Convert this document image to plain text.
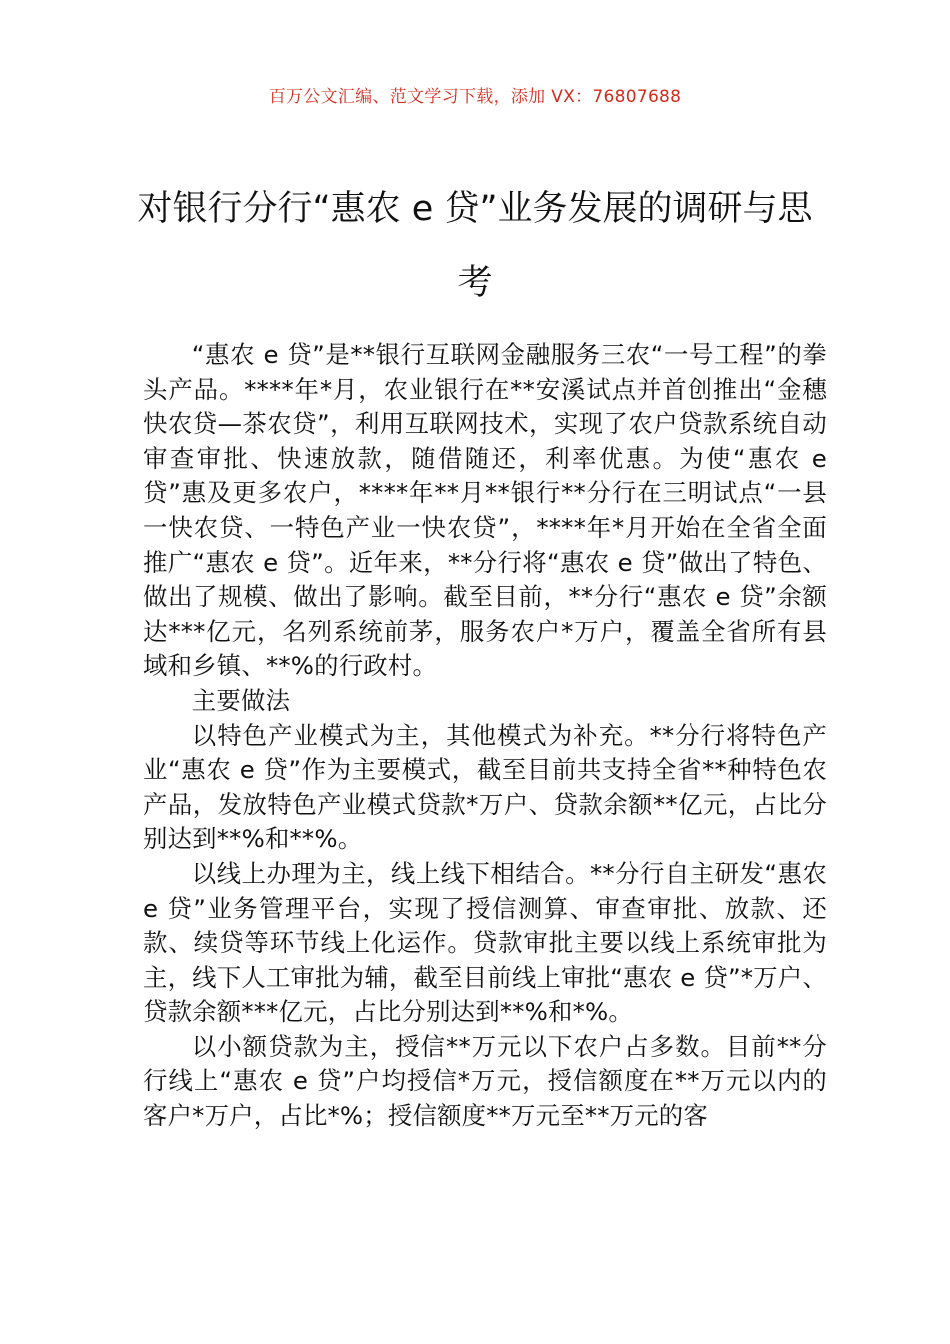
百万公文汇编、范文学习下载，添加 VX：76807688
对银行分行“惠农 e 贷”业务发展的调研与思考

“惠农 e 贷”是**银行互联网金融服务三农“一号工程”的拳头产品。****年*月，农业银行在**安溪试点并首创推出“金穗快农贷—茶农贷”，利用互联网技术，实现了农户贷款系统自动审查审批、快速放款，随借随还，利率优惠。为使“惠农 e 贷”惠及更多农户，****年**月**银行**分行在三明试点“一县一快农贷、一特色产业一快农贷”，****年*月开始在全省全面推广“惠农 e 贷”。近年来，**分行将“惠农 e 贷”做出了特色、做出了规模、做出了影响。截至目前，**分行“惠农 e 贷”余额达***亿元，名列系统前茅，服务农户*万户，覆盖全省所有县域和乡镇、**%的行政村。

主要做法

以特色产业模式为主，其他模式为补充。**分行将特色产业“惠农 e 贷”作为主要模式，截至目前共支持全省**种特色农产品，发放特色产业模式贷款*万户、贷款余额**亿元，占比分别达到**%和**%。

以线上办理为主，线上线下相结合。**分行自主研发“惠农 e 贷”业务管理平台，实现了授信测算、审查审批、放款、还款、续贷等环节线上化运作。贷款审批主要以线上系统审批为主，线下人工审批为辅，截至目前线上审批“惠农 e 贷”*万户、贷款余额***亿元，占比分别达到**%和*%。

以小额贷款为主，授信**万元以下农户占多数。目前**分行线上“惠农 e 贷”户均授信*万元，授信额度在**万元以内的客户*万户，占比*%；授信额度**万元至**万元的客
